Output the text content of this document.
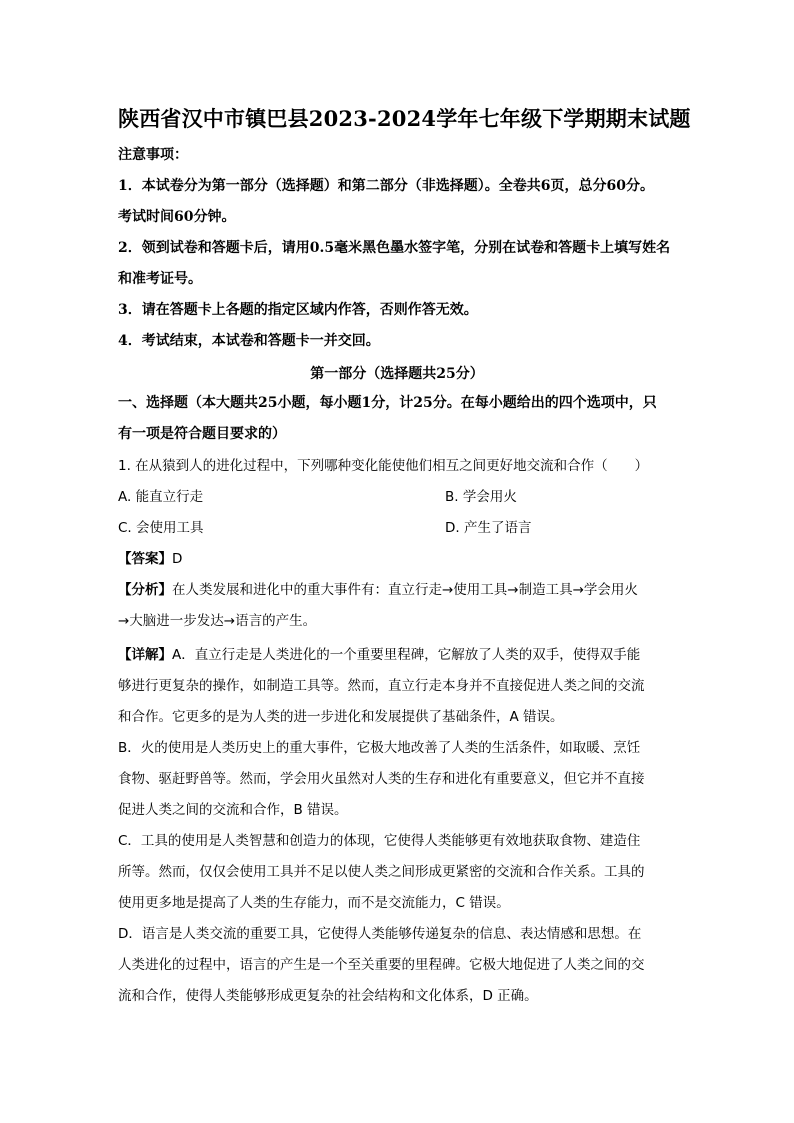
陕西省汉中市镇巴县2023-2024学年七年级下学期期末试题
注意事项：
1．本试卷分为第一部分（选择题）和第二部分（非选择题）。全卷共6页，总分60分。
考试时间60分钟。
2．领到试卷和答题卡后，请用0.5毫米黑色墨水签字笔，分别在试卷和答题卡上填写姓名
和准考证号。
3．请在答题卡上各题的指定区域内作答，否则作答无效。
4．考试结束，本试卷和答题卡一并交回。
第一部分（选择题共25分）
一、选择题（本大题共25小题，每小题1分，计25分。在每小题给出的四个选项中，只
有一项是符合题目要求的）
1. 在从猿到人的进化过程中，下列哪种变化能使他们相互之间更好地交流和合作（　　）
A. 能直立行走	B. 学会用火
C. 会使用工具	D. 产生了语言
【答案】D
【分析】在人类发展和进化中的重大事件有：直立行走→使用工具→制造工具→学会用火
→大脑进一步发达→语言的产生。
【详解】A．直立行走是人类进化的一个重要里程碑，它解放了人类的双手，使得双手能
够进行更复杂的操作，如制造工具等。然而，直立行走本身并不直接促进人类之间的交流
和合作。它更多的是为人类的进一步进化和发展提供了基础条件，A 错误。
B．火的使用是人类历史上的重大事件，它极大地改善了人类的生活条件，如取暖、烹饪
食物、驱赶野兽等。然而，学会用火虽然对人类的生存和进化有重要意义，但它并不直接
促进人类之间的交流和合作，B 错误。
C．工具的使用是人类智慧和创造力的体现，它使得人类能够更有效地获取食物、建造住
所等。然而，仅仅会使用工具并不足以使人类之间形成更紧密的交流和合作关系。工具的
使用更多地是提高了人类的生存能力，而不是交流能力，C 错误。
D．语言是人类交流的重要工具，它使得人类能够传递复杂的信息、表达情感和思想。在
人类进化的过程中，语言的产生是一个至关重要的里程碑。它极大地促进了人类之间的交
流和合作，使得人类能够形成更复杂的社会结构和文化体系，D 正确。
